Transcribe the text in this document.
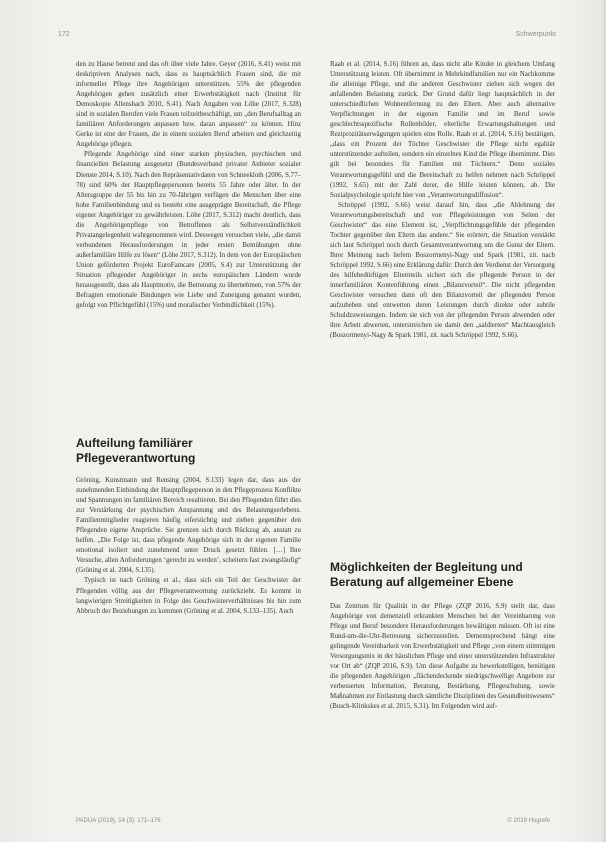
172	Schwerpunkt

den zu Hause betreut und das oft über viele Jahre. Geyer (2016, S.41) weist mit deskriptiven Analysen nach, dass es hauptsächlich Frauen sind, die mit informeller Pflege ihre Angehörigen unterstützen. 55% der pflegenden Angehörigen gehen zusätzlich einer Erwerbstätigkeit nach (Institut für Demoskopie Allensbach 2010, S.41). Nach Angaben von Löhe (2017, S.328) sind in sozialen Berufen viele Frauen teilzeitbeschäftigt, um „den Berufsalltag an familiären Anforderungen anpassen bzw. daran anpassen“ zu können. Hinz Gerke ist eine der Frauen, die in einem sozialen Beruf arbeiten und gleichzeitig Angehörige pflegen.

Pflegende Angehörige sind einer starken physischen, psychischen und finanziellen Belastung ausgesetzt (Bundesverband privater Anbieter sozialer Dienste 2014, S.10). Nach den Repräsentativdaten von Schneekloth (2006, S.77–78) sind 60% der Hauptpflegepersonen bereits 55 Jahre oder älter. In der Altersgruppe der 55 bis hin zu 70-Jährigen verfügen die Menschen über eine hohe Familienbindung und es besteht eine ausgeprägte Bereitschaft, die Pflege eigener Angehöriger zu gewährleisten. Löhe (2017, S.312) macht deutlich, dass die Angehörigenpflege von Betroffenen als Selbstverständlichkeit Privatangelegenheit wahrgenommen wird. Deswegen versuchen viele, „die damit verbundenen Herausforderungen in jeder ersten Bemühungen ohne außerfamiliäre Hilfe zu lösen“ (Löhe 2017, S.312). In dem von der Europäischen Union geförderten Projekt EuroFamcare (2005, S.4) zur Unterstützung der Situation pflegender Angehöriger in sechs europäischen Ländern wurde herausgestellt, dass als Hauptmotiv, die Betreuung zu übernehmen, von 57% der Befragten emotionale Bindungen wie Liebe und Zuneigung genannt wurden, gefolgt von Pflichtgefühl (15%) und moralischer Verbindlichkeit (15%).

Aufteilung familiärer Pflegeverantwortung

Gröning, Kunstmann und Rensing (2004, S.133) legen dar, dass aus der zunehmenden Einbindung der Hauptpflegeperson in den Pflegeprozess Konflikte und Spannungen im familiären Bereich resultieren. Bei den Pflegenden führt dies zur Verstärkung der psychischen Anspannung und des Belastungserlebens. Familienmitglieder reagieren häufig eifersüchtig und ziehen gegenüber den Pflegenden eigene Ansprüche. Sie grenzen sich durch Rückzug ab, anstatt zu helfen. „Die Folge ist, dass pflegende Angehörige sich in der eigenen Familie emotional isoliert und zunehmend unter Druck gesetzt fühlen. […] Ihre Versuche, allen Anforderungen ‘gerecht zu werden’, scheitern fast zwangsläufig“ (Gröning et al. 2004, S.135).

Typisch ist nach Gröning et al., dass sich ein Teil der Geschwister der Pflegenden völlig aus der Pflegeverantwortung zurückzieht. Es kommt in langwierigen Streitigkeiten in Folge des Geschwisterverhältnisses bis hin zum Abbruch der Beziehungen zu kommen (Gröning et al. 2004, S.133–135). Auch

Raab et al. (2014, S.16) führen an, dass nicht alle Kinder in gleichem Umfang Unterstützung leisten. Oft übernimmt in Mehrkindfamilien nur ein Nachkomme die alleinige Pflege, und die anderen Geschwister ziehen sich wegen der anfallenden Belastung zurück. Der Grund dafür liegt hauptsächlich in der unterschiedlichen Wohnentfernung zu den Eltern. Aber auch alternative Verpflichtungen in der eigenen Familie und im Beruf sowie geschlechtsspezifische Rollenbilder, elterliche Erwartungshaltungen und Reziprozitätserwägungen spielen eine Rolle. Raab et al. (2014, S.16) bestätigen, „dass ein Prozent der Töchter Geschwister die Pflege nicht egalitär unterstützender aufteilen, sondern ein einzelnes Kind die Pflege übernimmt. Dies gilt bei besonders für Familien mit Töchtern.“ Denn soziales Verantwortungsgefühl und die Bereitschaft zu helfen nehmen nach Schröppel (1992, S.65) mit der Zahl derer, die Hilfe leisten können, ab. Die Sozialpsychologie spricht hier von „Verantwortungsdiffusion“.

Schröppel (1992, S.66) weist darauf hin, dass „die Ablehnung der Verantwortungsbereitschaft und von Pflegeleistungen von Seiten der Geschwister“ das eine Element ist, „Verpflichtungsgefühle der pflegenden Tochter gegenüber den Eltern das andere.“ Sie erörtert, die Situation verstärkt sich laut Schröppel noch durch Gesamtverantwortung um die Gunst der Eltern. Ihrer Meinung nach liefern Boszormenyi-Nagy und Spark (1981, zit. nach Schröppel 1992, S.66) eine Erklärung dafür: Durch den Verdienst der Versorgung des hilfebedürftigen Elternteils sichert sich die pflegende Person in der innerfamiliären Kontenführung einen „Bilanzvorteil“. Die nicht pflegenden Geschwister versuchen dann oft den Bilanzvorteil der pflegenden Person aufzuheben und entwerten deren Leistungen durch direkte oder subtile Schuldzuweisungen. Indem sie sich von der pflegenden Person abwenden oder ihre Arbeit abwerten, unterstreichen sie damit den „saldierten“ Machtausgleich (Boszormenyi-Nagy & Spark 1981, zit. nach Schröppel 1992, S.66).

Möglichkeiten der Begleitung und Beratung auf allgemeiner Ebene

Das Zentrum für Qualität in der Pflege (ZQP 2016, S.9) stellt dar, dass Angehörige von demenziell erkrankten Menschen bei der Vereinbarung von Pflege und Beruf besondere Herausforderungen bewältigen müssen. Oft ist eine Rund-um-die-Uhr-Betreuung sicherzustellen. Dementsprechend hängt eine gelingende Vereinbarkeit von Erwerbstätigkeit und Pflege „von einem stimmigen Versorgungsmix in der häuslichen Pflege und einer unterstützenden Infrastruktur vor Ort ab“ (ZQP 2016, S.9). Um diese Aufgabe zu bewerkstelligen, benötigen die pflegenden Angehörigen „flächendeckende niedrigschwellige Angebote zur verbesserten Information, Beratung, Bestärkung, Pflegeschulung, sowie Maßnahmen zur Entlastung durch sämtliche Disziplinen des Gesundheitswesens“ (Busch-Klinkskes et al. 2015, S.31). Im Folgenden wird auf-

PADUA (2019), 14 (3): 171–176	© 2019 Hogrefe
